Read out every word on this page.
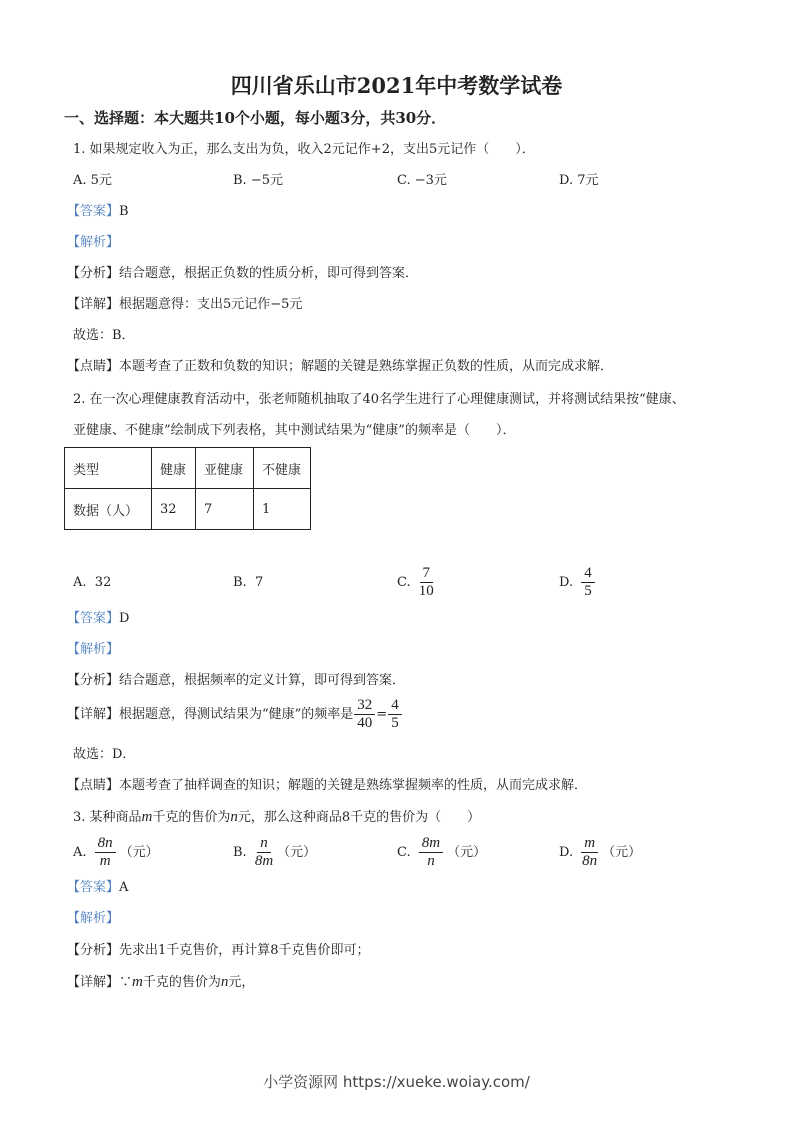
四川省乐山市2021年中考数学试卷
一、选择题：本大题共10个小题，每小题3分，共30分．
1. 如果规定收入为正，那么支出为负，收入2元记作+2，支出5元记作（　　）．
A. 5元	B. −5元	C. −3元	D. 7元
【答案】B
【解析】
【分析】结合题意，根据正负数的性质分析，即可得到答案．
【详解】根据题意得：支出5元记作−5元
故选：B．
【点睛】本题考查了正数和负数的知识；解题的关键是熟练掌握正负数的性质，从而完成求解．
2. 在一次心理健康教育活动中，张老师随机抽取了40名学生进行了心理健康测试，并将测试结果按“健康、
亚健康、不健康”绘制成下列表格，其中测试结果为“健康”的频率是（　　）．
类型	健康	亚健康	不健康
数据（人）	32	7	1
A. 32	B. 7	C. $\frac{7}{10}$	D. $\frac{4}{5}$
【答案】D
【解析】
【分析】结合题意，根据频率的定义计算，即可得到答案．
【详解】根据题意，得测试结果为“健康”的频率是 $\frac{32}{40} = \frac{4}{5}$
故选：D．
【点睛】本题考查了抽样调查的知识；解题的关键是熟练掌握频率的性质，从而完成求解．
3. 某种商品m千克的售价为n元，那么这种商品8千克的售价为（　　）
A. $\frac{8n}{m}$ （元）	B. $\frac{n}{8m}$ （元）	C. $\frac{8m}{n}$ （元）	D. $\frac{m}{8n}$ （元）
【答案】A
【解析】
【分析】先求出1千克售价，再计算8千克售价即可；
【详解】∵m千克的售价为n元，
小学资源网 https://xueke.woiay.com/
